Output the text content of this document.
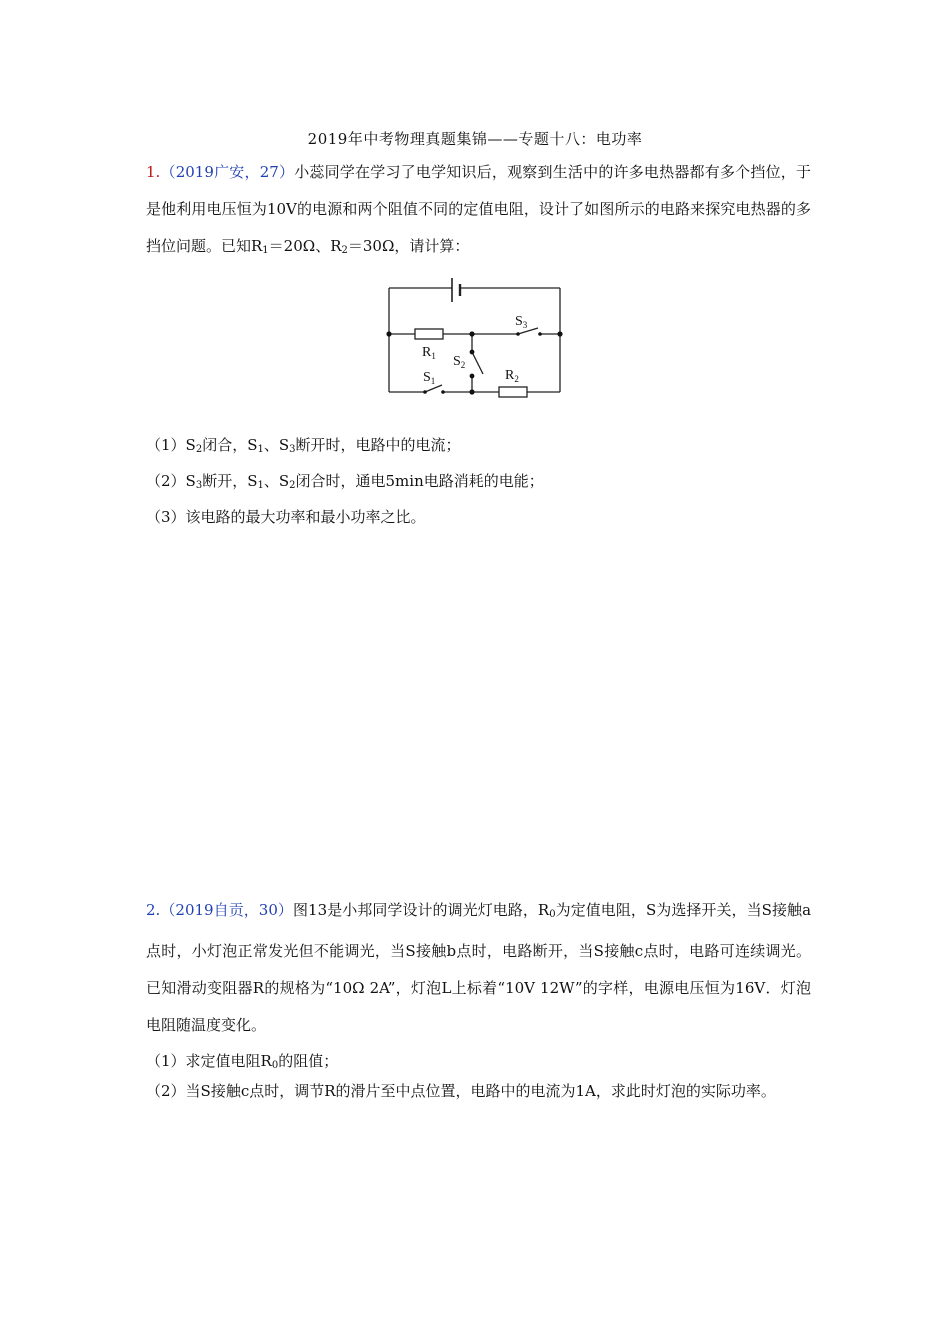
2019年中考物理真题集锦——专题十八：电功率

1.（2019广安，27）小蕊同学在学习了电学知识后，观察到生活中的许多电热器都有多个挡位，于是他利用电压恒为10V的电源和两个阻值不同的定值电阻，设计了如图所示的电路来探究电热器的多挡位问题。已知$R_1=20\Omega$、$R_2=30\Omega$，请计算：

$S_3$
$R_1$ $S_2$
$S_1$	$R_2$

$(1)S_2$闭合，$S_1$、$S_3$断开时，电路中的电流；

$(2)S_3$断开，$S_1$、$S_2$闭合时，通电5min电路消耗的电能；

（3）该电路的最大功率和最小功率之比。

2.（2019自贡，30）图13是小邦同学设计的调光灯电路，$R_0$为定值电阻，S为选择开关，当S接触a点时，小灯泡正常发光但不能调光，当S接触b点时，电路断开，当S接触c点时，电路可连续调光。已知滑动变阻器R的规格为“10Ω 2A”，灯泡L上标着“10V 12W”的字样，电源电压恒为16V．灯泡电阻随温度变化。

（1）求定值电阻$R_0$的阻值；

（2）当S接触c点时，调节R的滑片至中点位置，电路中的电流为1A，求此时灯泡的实际功率。
